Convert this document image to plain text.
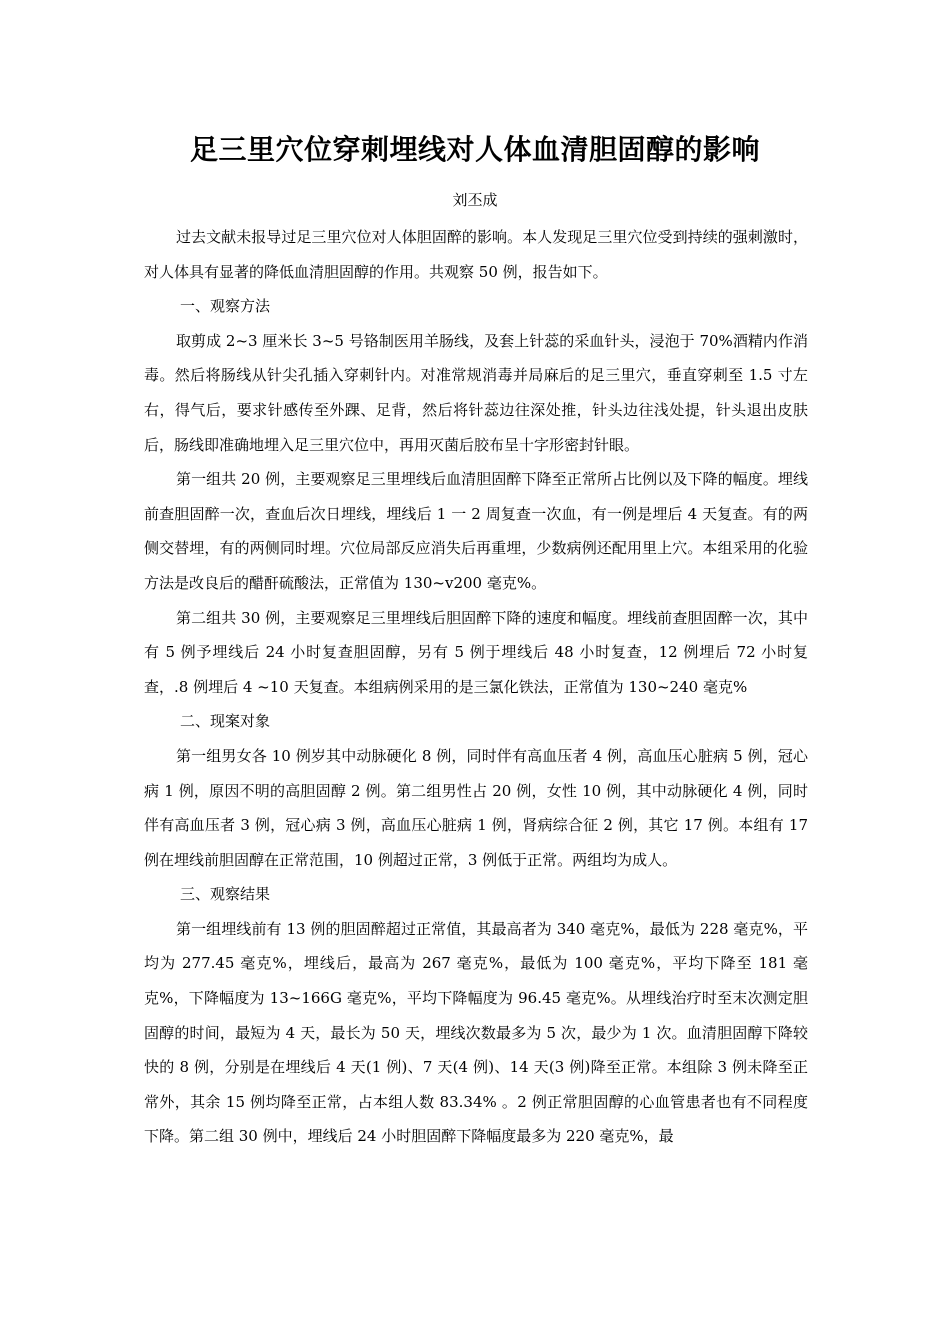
足三里穴位穿刺埋线对人体血清胆固醇的影响
刘丕成

过去文献未报导过足三里穴位对人体胆固醉的影响。本人发现足三里穴位受到持续的强刺激时，对人体具有显著的降低血清胆固醇的作用。共观察 50 例，报告如下。

一、观察方法

取剪成 2~3 厘米长 3~5 号铬制医用羊肠线，及套上针蕊的采血针头，浸泡于 70%酒精内作消毒。然后将肠线从针尖孔插入穿刺针内。对准常规消毒并局麻后的足三里穴，垂直穿刺至 1.5 寸左右，得气后，要求针感传至外踝、足背，然后将针蕊边往深处推，针头边往浅处提，针头退出皮肤后，肠线即准确地埋入足三里穴位中，再用灭菌后胶布呈十字形密封针眼。

第一组共 20 例，主要观察足三里埋线后血清胆固醉下降至正常所占比例以及下降的幅度。埋线前查胆固醉一次，查血后次日埋线，埋线后 1 一 2 周复查一次血，有一例是埋后 4 天复查。有的两侧交替埋，有的两侧同时埋。穴位局部反应消失后再重埋，少数病例还配用里上穴。本组采用的化验方法是改良后的醋酐硫酸法，正常值为 130~v200 毫克%。

第二组共 30 例，主要观察足三里埋线后胆固醉下降的速度和幅度。埋线前查胆固醉一次，其中有 5 例予埋线后 24 小时复查胆固醇，另有 5 例于埋线后 48 小时复查，12 例埋后 72 小时复查，.8 例埋后 4 ~10 天复查。本组病例采用的是三氯化铁法，正常值为 130~240 毫克%

二、现案对象

第一组男女各 10 例岁其中动脉硬化 8 例，同时伴有高血压者 4 例，高血压心脏病 5 例，冠心病 1 例，原因不明的高胆固醇 2 例。第二组男性占 20 例，女性 10 例，其中动脉硬化 4 例，同时伴有高血压者 3 例，冠心病 3 例，高血压心脏病 1 例，肾病综合征 2 例，其它 17 例。本组有 17 例在埋线前胆固醇在正常范围，10 例超过正常，3 例低于正常。两组均为成人。

三、观察结果

第一组埋线前有 13 例的胆固醉超过正常值，其最高者为 340 毫克%，最低为 228 毫克%，平均为 277.45 毫克%，埋线后，最高为 267 毫克%，最低为 100 毫克%，平均下降至 181 毫克%，下降幅度为 13~166G 毫克%，平均下降幅度为 96.45 毫克%。从埋线治疗时至末次测定胆固醇的时间，最短为 4 天，最长为 50 天，埋线次数最多为 5 次，最少为 1 次。血清胆固醇下降较快的 8 例，分别是在埋线后 4 天(1 例)、7 天(4 例)、14 天(3 例)降至正常。本组除 3 例未降至正常外，其余 15 例均降至正常，占本组人数 83.34% 。2 例正常胆固醇的心血管患者也有不同程度下降。第二组 30 例中，埋线后 24 小时胆固醉下降幅度最多为 220 毫克%，最
